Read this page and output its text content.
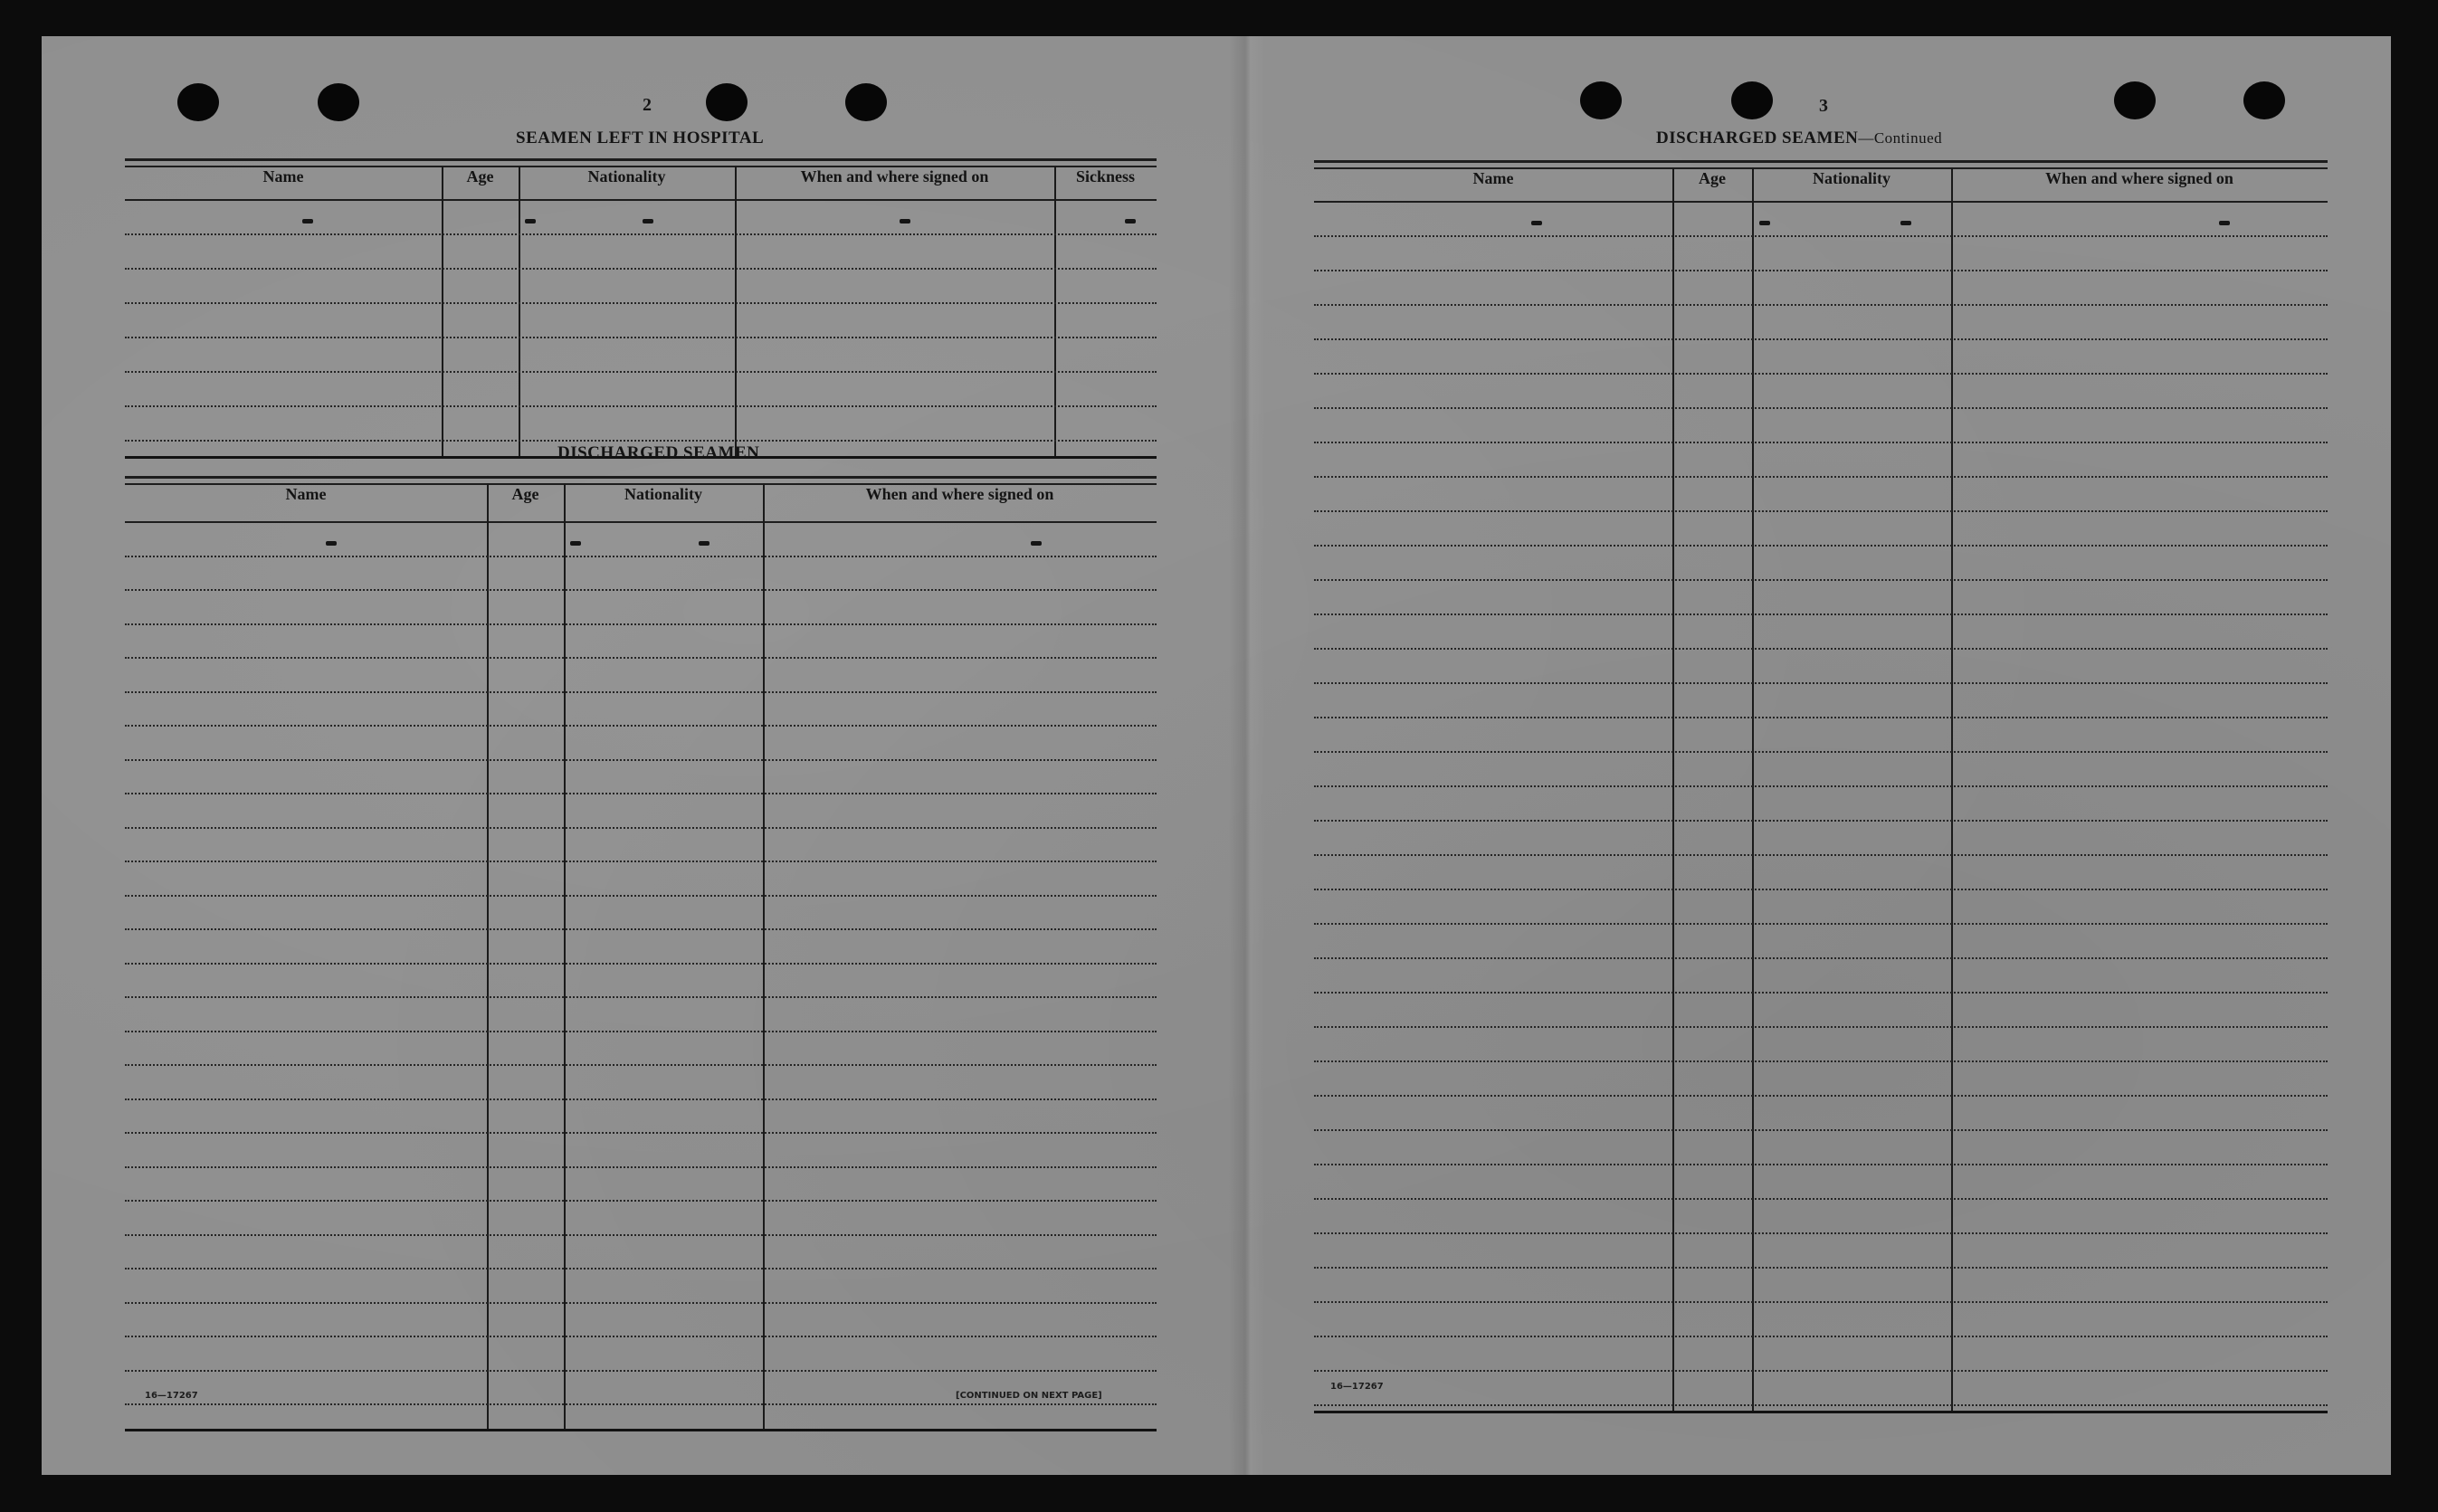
2
SEAMEN LEFT IN HOSPITAL
Name	Age	Nationality	When and where signed on	Sickness
DISCHARGED SEAMEN
Name	Age	Nationality	When and where signed on
16—17267	[CONTINUED ON NEXT PAGE]
3
DISCHARGED SEAMEN—Continued
Name	Age	Nationality	When and where signed on
16—17267
